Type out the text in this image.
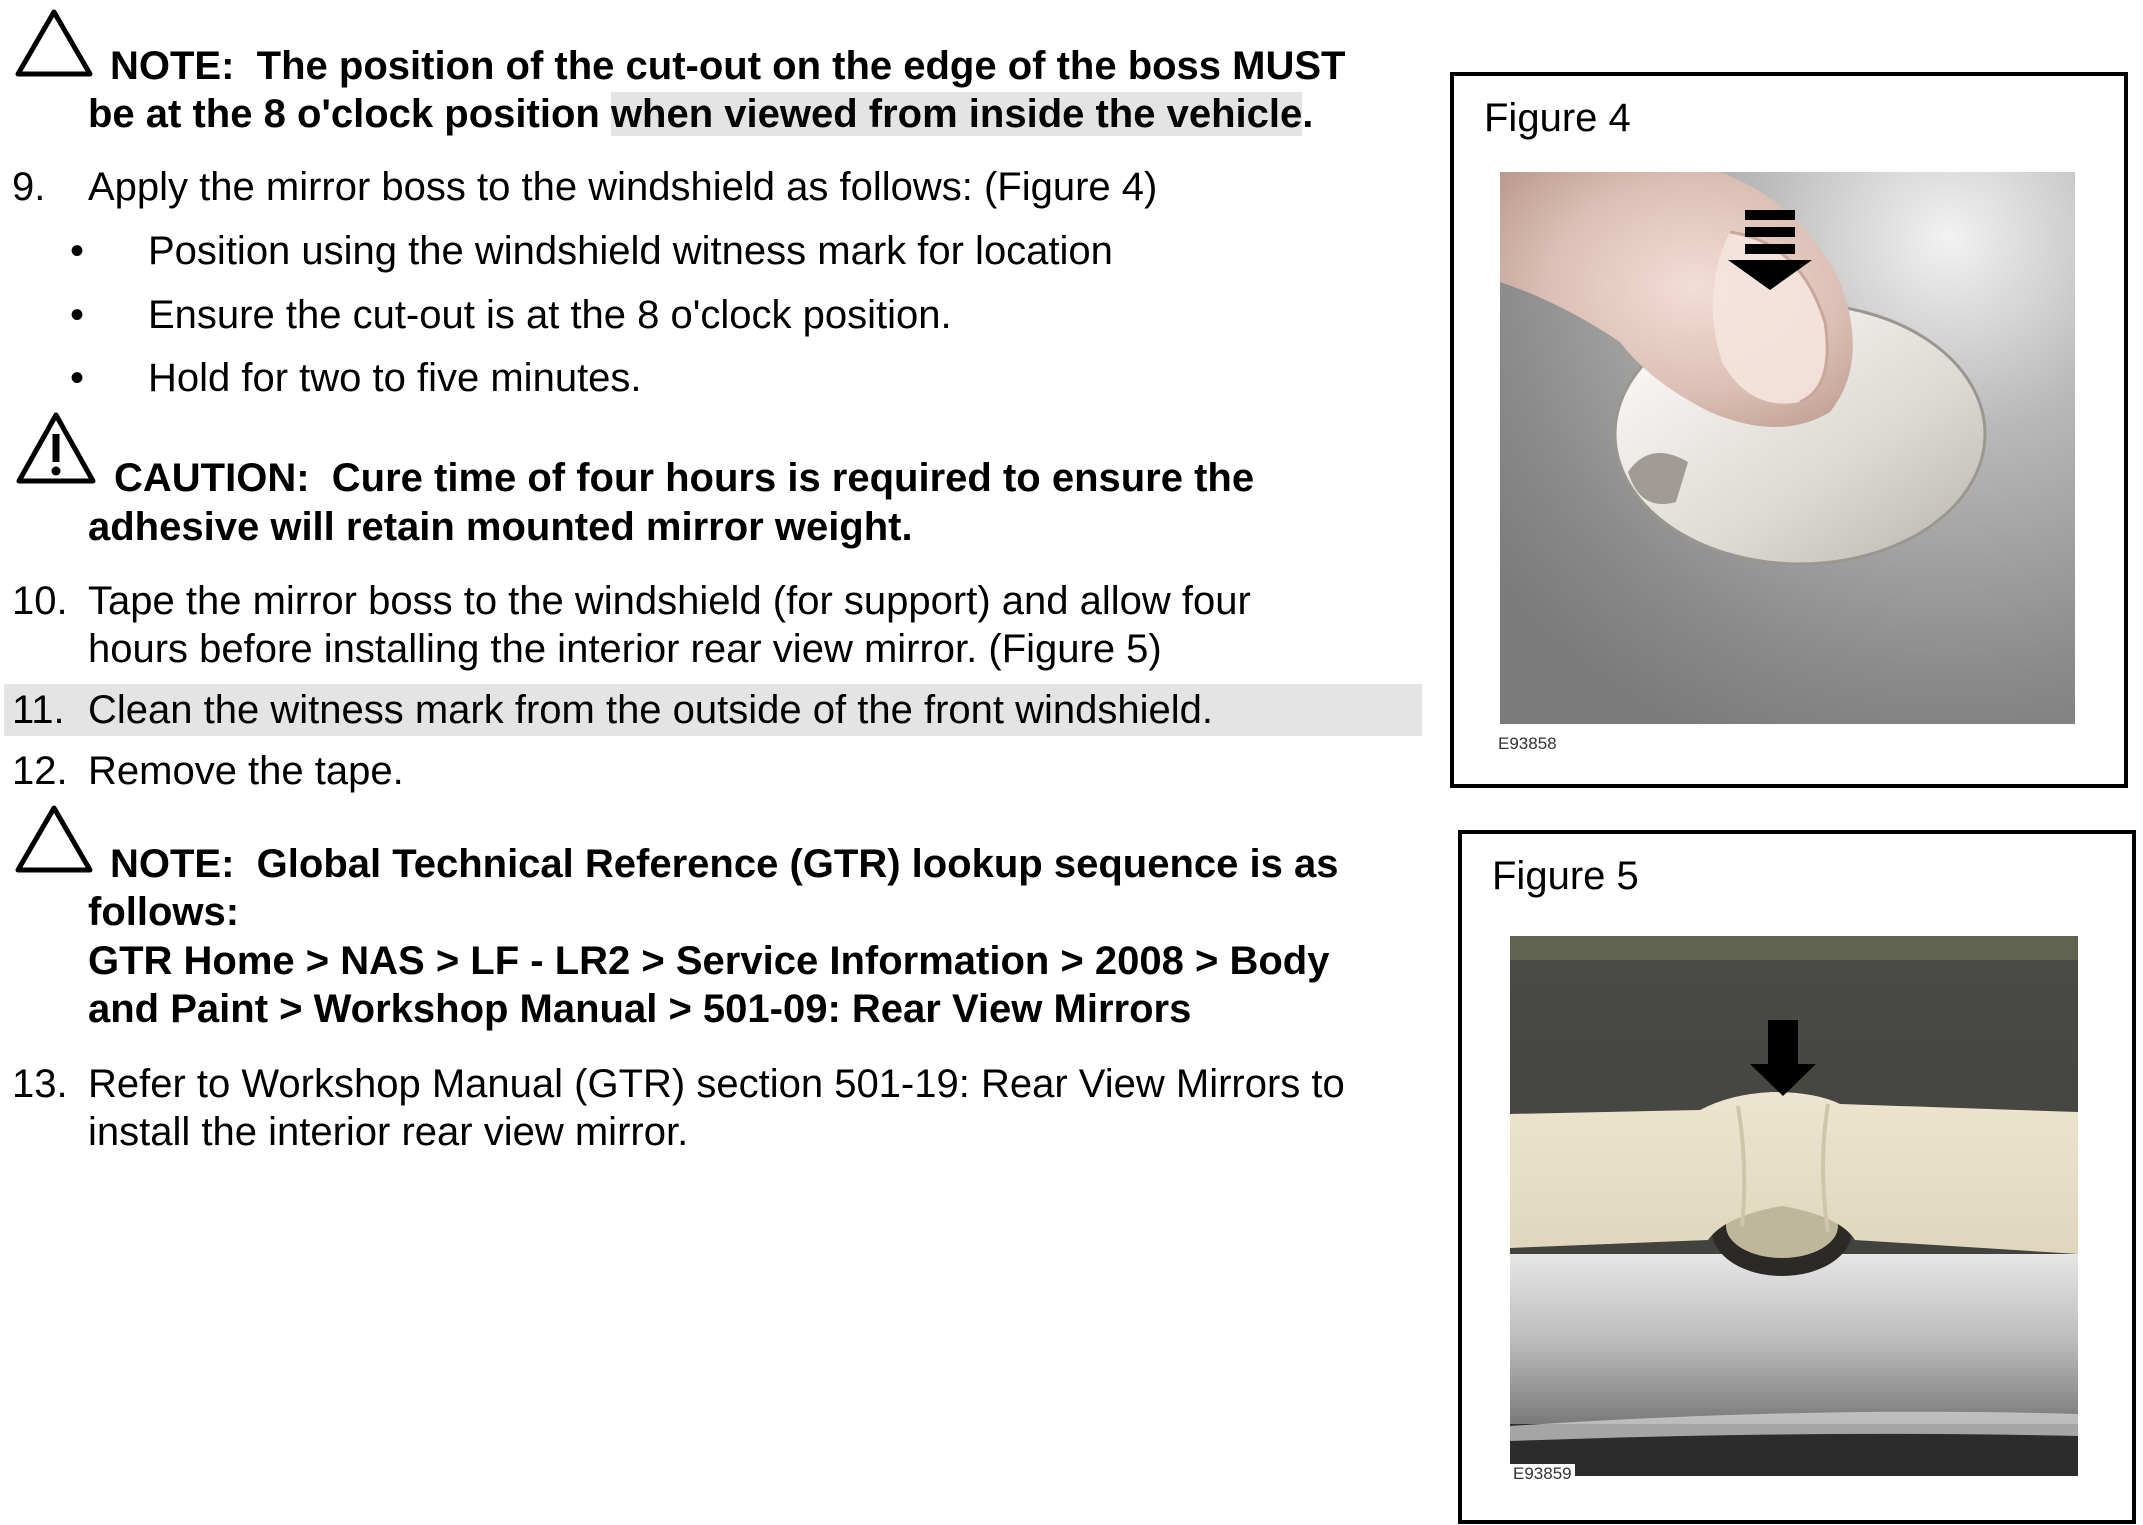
NOTE: The position of the cut-out on the edge of the boss MUST
be at the 8 o'clock position when viewed from inside the vehicle.
9. Apply the mirror boss to the windshield as follows: (Figure 4)
• Position using the windshield witness mark for location
• Ensure the cut-out is at the 8 o'clock position.
• Hold for two to five minutes.
CAUTION: Cure time of four hours is required to ensure the
adhesive will retain mounted mirror weight.
10. Tape the mirror boss to the windshield (for support) and allow four
hours before installing the interior rear view mirror. (Figure 5)
11. Clean the witness mark from the outside of the front windshield.
12. Remove the tape.
NOTE: Global Technical Reference (GTR) lookup sequence is as
follows:
GTR Home > NAS > LF - LR2 > Service Information > 2008 > Body
and Paint > Workshop Manual > 501-09: Rear View Mirrors
13. Refer to Workshop Manual (GTR) section 501-19: Rear View Mirrors to
install the interior rear view mirror.
Figure 4
E93858
Figure 5
E93859
